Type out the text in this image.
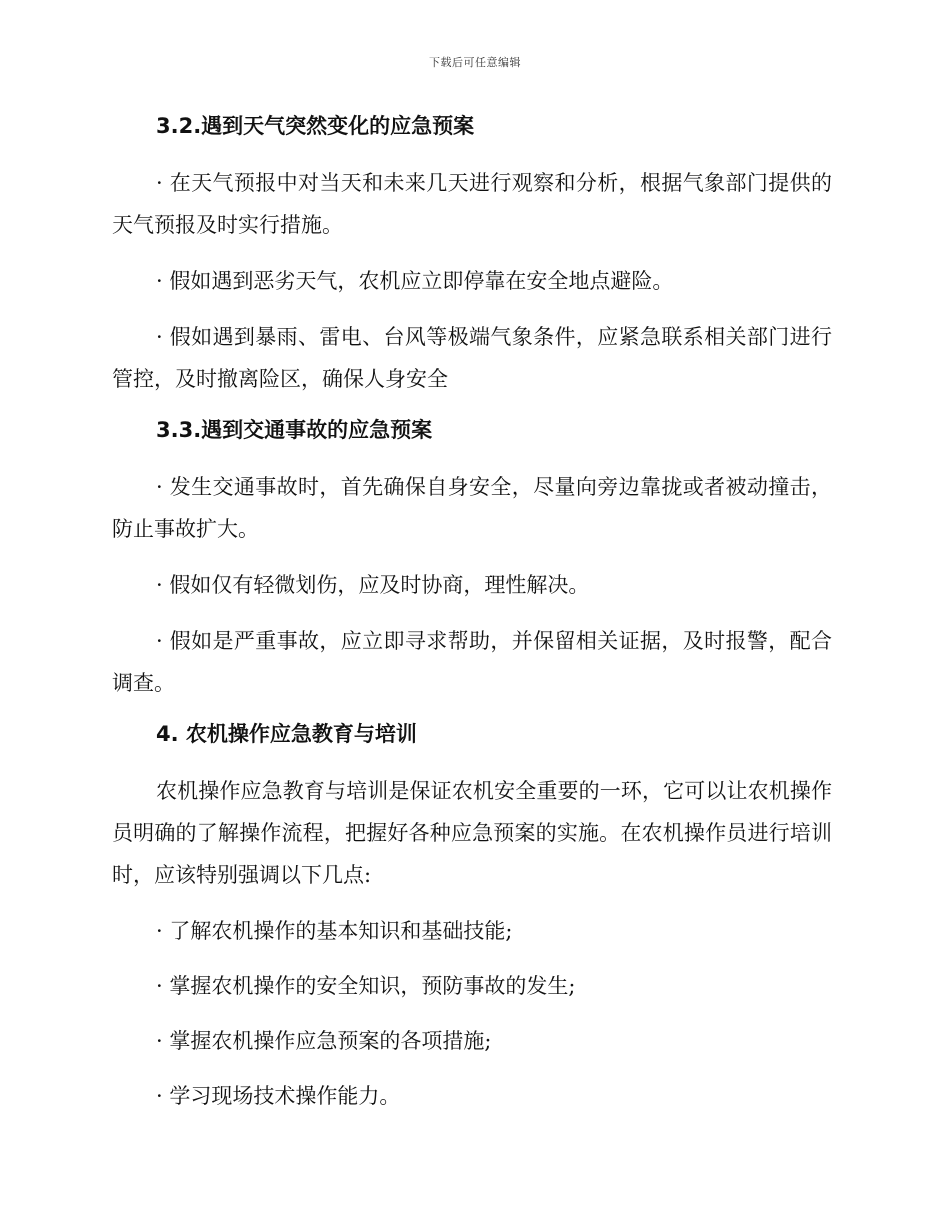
下载后可任意编辑
3.2.遇到天气突然变化的应急预案

· 在天气预报中对当天和未来几天进行观察和分析，根据气象部门提供的天气预报及时实行措施。

· 假如遇到恶劣天气，农机应立即停靠在安全地点避险。

· 假如遇到暴雨、雷电、台风等极端气象条件，应紧急联系相关部门进行管控，及时撤离险区，确保人身安全

3.3.遇到交通事故的应急预案

· 发生交通事故时，首先确保自身安全，尽量向旁边靠拢或者被动撞击，防止事故扩大。

· 假如仅有轻微划伤，应及时协商，理性解决。

· 假如是严重事故，应立即寻求帮助，并保留相关证据，及时报警，配合调查。

4. 农机操作应急教育与培训

农机操作应急教育与培训是保证农机安全重要的一环，它可以让农机操作员明确的了解操作流程，把握好各种应急预案的实施。在农机操作员进行培训时，应该特别强调以下几点:

· 了解农机操作的基本知识和基础技能;

· 掌握农机操作的安全知识，预防事故的发生;

· 掌握农机操作应急预案的各项措施;

· 学习现场技术操作能力。
